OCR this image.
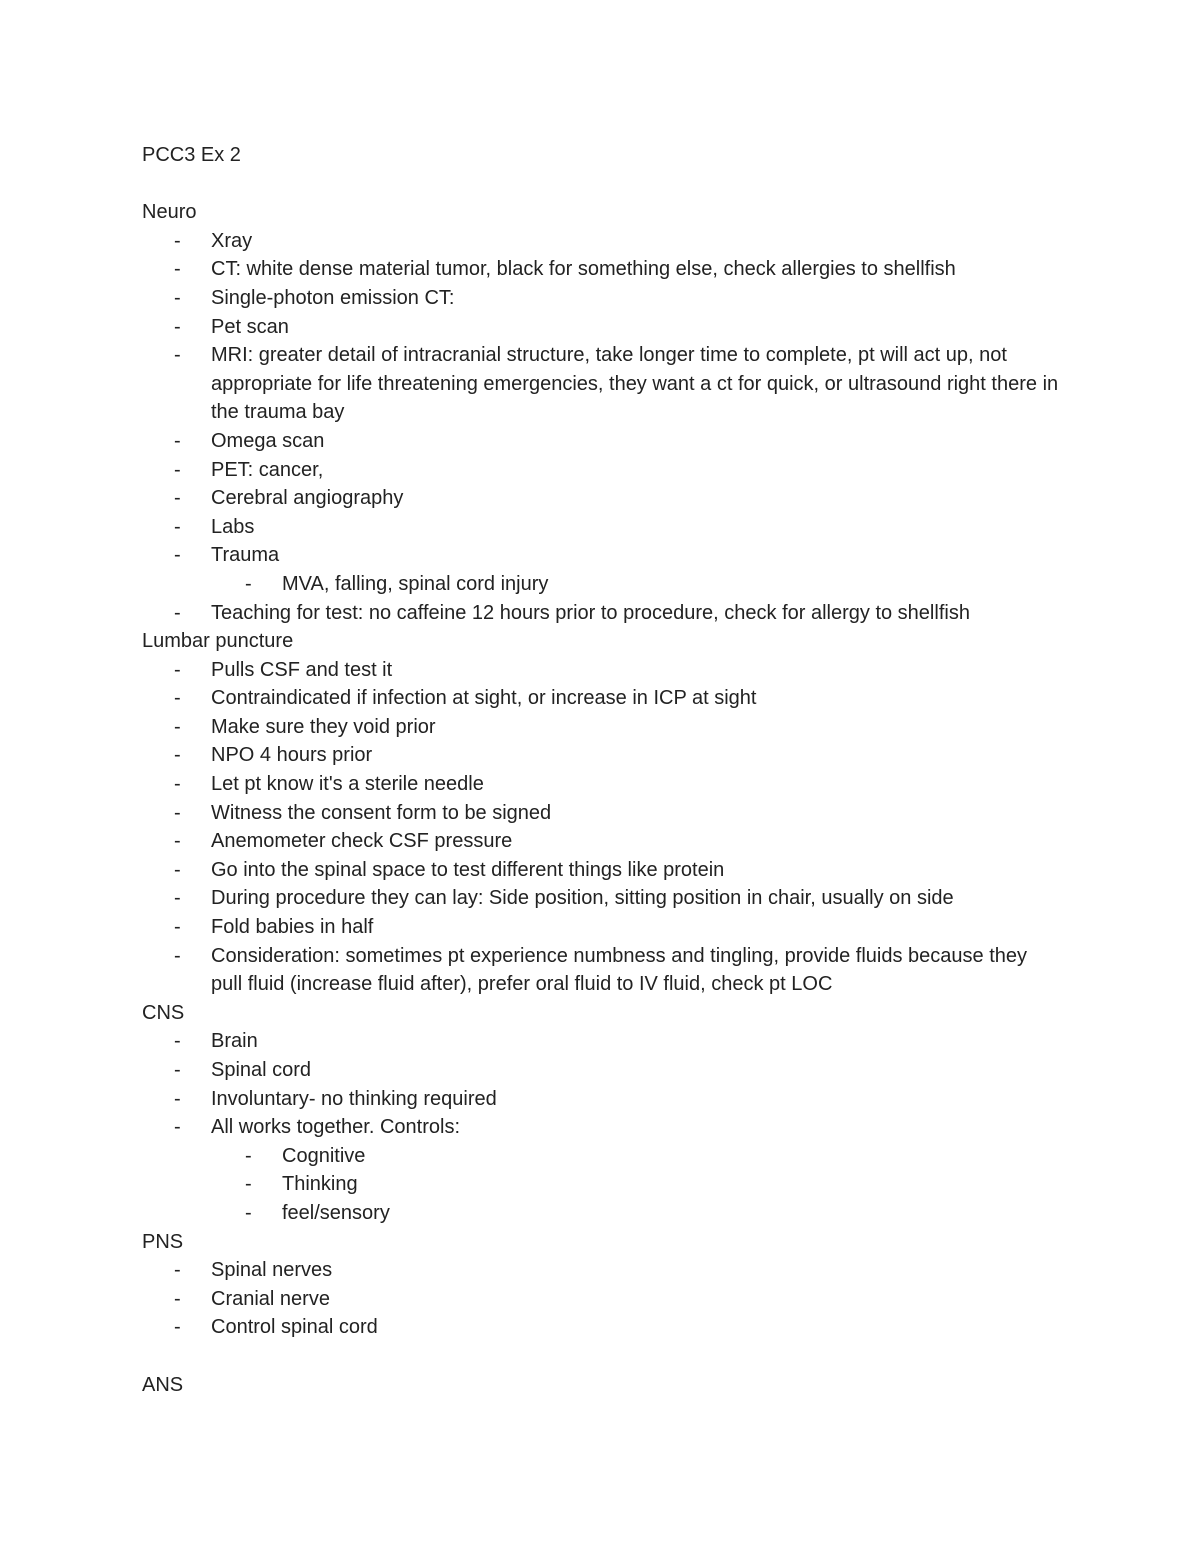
PCC3 Ex 2
Neuro
- Xray
- CT: white dense material tumor, black for something else, check allergies to shellfish
- Single-photon emission CT:
- Pet scan
- MRI: greater detail of intracranial structure, take longer time to complete, pt will act up, not appropriate for life threatening emergencies, they want a ct for quick, or ultrasound right there in the trauma bay
- Omega scan
- PET: cancer,
- Cerebral angiography
- Labs
- Trauma
- MVA, falling, spinal cord injury
- Teaching for test: no caffeine 12 hours prior to procedure, check for allergy to shellfish
Lumbar puncture
- Pulls CSF and test it
- Contraindicated if infection at sight, or increase in ICP at sight
- Make sure they void prior
- NPO 4 hours prior
- Let pt know it's a sterile needle
- Witness the consent form to be signed
- Anemometer check CSF pressure
- Go into the spinal space to test different things like protein
- During procedure they can lay: Side position, sitting position in chair, usually on side
- Fold babies in half
- Consideration: sometimes pt experience numbness and tingling, provide fluids because they pull fluid (increase fluid after), prefer oral fluid to IV fluid, check pt LOC
CNS
- Brain
- Spinal cord
- Involuntary- no thinking required
- All works together. Controls:
- Cognitive
- Thinking
- feel/sensory
PNS
- Spinal nerves
- Cranial nerve
- Control spinal cord
ANS
